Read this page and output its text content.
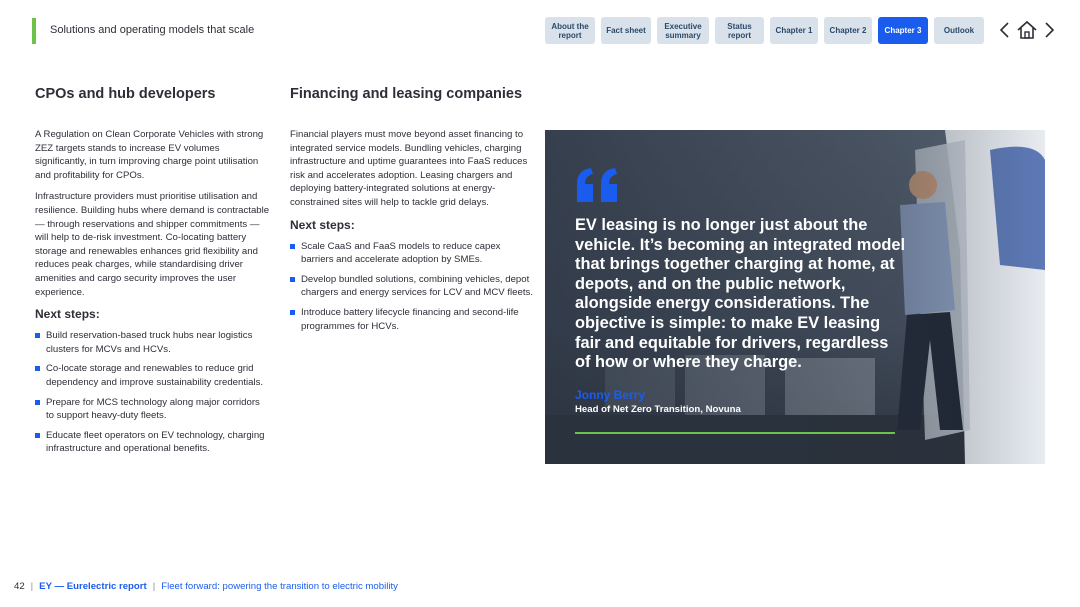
Solutions and operating models that scale	About the report	Fact sheet	Executive summary
Status report	Chapter 1	Chapter 2	Chapter 3	Outlook
CPOs and hub developers

A Regulation on Clean Corporate Vehicles with strong ZEZ targets stands to increase EV volumes significantly, in turn improving charge point utilisation and profitability for CPOs.

Infrastructure providers must prioritise utilisation and resilience. Building hubs where demand is contractable — through reservations and shipper commitments — will help to de-risk investment. Co-locating battery storage and renewables enhances grid flexibility and reduces peak charges, while standardising driver amenities and cargo security improves the user experience.

Next steps:
Build reservation-based truck hubs near logistics clusters for MCVs and HCVs.
Co-locate storage and renewables to reduce grid dependency and improve sustainability credentials.
Prepare for MCS technology along major corridors to support heavy-duty fleets.
Educate fleet operators on EV technology, charging infrastructure and operational benefits.
Financing and leasing companies

Financial players must move beyond asset financing to integrated service models. Bundling vehicles, charging infrastructure and uptime guarantees into FaaS reduces risk and accelerates adoption. Leasing chargers and deploying battery-integrated solutions at energy-constrained sites will help to tackle grid delays.

Next steps:
Scale CaaS and FaaS models to reduce capex barriers and accelerate adoption by SMEs.
Develop bundled solutions, combining vehicles, depot chargers and energy services for LCV and MCV fleets.
Introduce battery lifecycle financing and second-life programmes for HCVs.
EV leasing is no longer just about the vehicle. It’s becoming an integrated model that brings together charging at home, at depots, and on the public network, alongside energy considerations. The objective is simple: to make EV leasing fair and equitable for drivers, regardless of how or where they charge.
Jonny Berry
Head of Net Zero Transition, Novuna
42 | EY — Eurelectric report | Fleet forward: powering the transition to electric mobility
